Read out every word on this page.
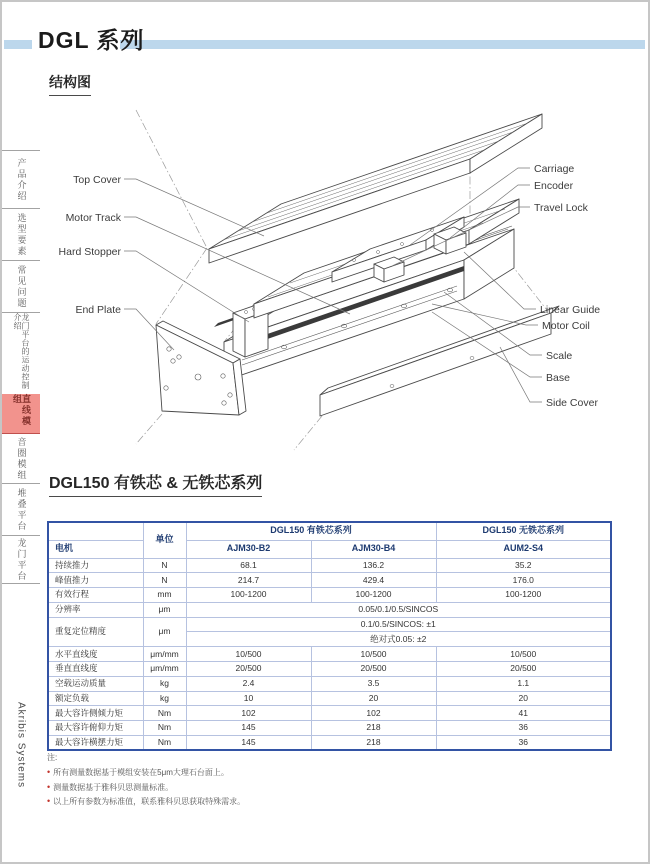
DGL 系列
结构图
产品介绍
选型要素
常见问题
龙门平台的运动控制介绍
直线模组
音圈模组
堆叠平台
龙门平台
Akribis Systems
Top Cover
Motor Track
Hard Stopper
End Plate
Carriage
Encoder
Travel Lock
Linear Guide
Motor Coil
Scale
Base
Side Cover
DGL150 有铁芯 & 无铁芯系列
	单位	DGL150 有铁芯系列		DGL150 无铁芯系列
电机		AJM30-B2	AJM30-B4	AUM2-S4
持续推力	N	68.1	136.2	35.2
峰值推力	N	214.7	429.4	176.0
有效行程	mm	100-1200	100-1200	100-1200
分辨率	μm	0.05/0.1/0.5/SINCOS		
重复定位精度	μm	0.1/0.5/SINCOS: ±1		
		绝对式0.05: ±2		
水平直线度	μm/mm	10/500	10/500	10/500
垂直直线度	μm/mm	20/500	20/500	20/500
空载运动质量	kg	2.4	3.5	1.1
额定负载	kg	10	20	20
最大容许侧倾力矩	Nm	102	102	41
最大容许俯仰力矩	Nm	145	218	36
最大容许横摆力矩	Nm	145	218	36
注:
• 所有测量数据基于模组安装在5μm大理石台面上。
• 测量数据基于雅科贝思测量标准。
• 以上所有参数为标准值，联系雅科贝思获取特殊需求。
